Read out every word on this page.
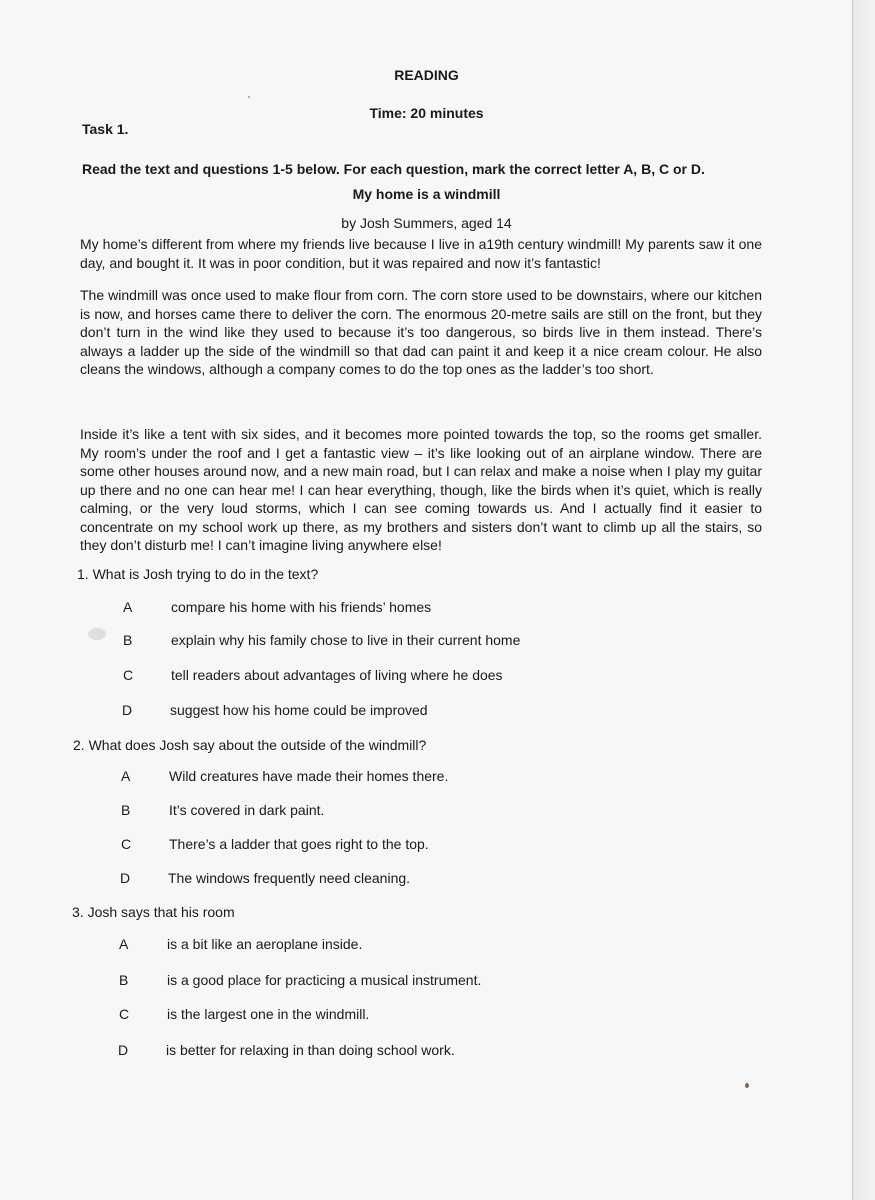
READING
Time: 20 minutes
Task 1.
Read the text and questions 1-5 below. For each question, mark the correct letter A, B, C or D.
My home is a windmill
by Josh Summers, aged 14
My home’s different from where my friends live because I live in a19th century windmill! My parents saw it one day, and bought it. It was in poor condition, but it was repaired and now it’s fantastic!
The windmill was once used to make flour from corn. The corn store used to be downstairs, where our kitchen is now, and horses came there to deliver the corn. The enormous 20-metre sails are still on the front, but they don’t turn in the wind like they used to because it’s too dangerous, so birds live in them instead. There’s always a ladder up the side of the windmill so that dad can paint it and keep it a nice cream colour. He also cleans the windows, although a company comes to do the top ones as the ladder’s too short.
Inside it’s like a tent with six sides, and it becomes more pointed towards the top, so the rooms get smaller. My room’s under the roof and I get a fantastic view – it’s like looking out of an airplane window. There are some other houses around now, and a new main road, but I can relax and make a noise when I play my guitar up there and no one can hear me! I can hear everything, though, like the birds when it’s quiet, which is really calming, or the very loud storms, which I can see coming towards us. And I actually find it easier to concentrate on my school work up there, as my brothers and sisters don’t want to climb up all the stairs, so they don’t disturb me! I can’t imagine living anywhere else!
1. What is Josh trying to do in the text?
A	compare his home with his friends’ homes
B	explain why his family chose to live in their current home
C	tell readers about advantages of living where he does
D	suggest how his home could be improved
2. What does Josh say about the outside of the windmill?
A	Wild creatures have made their homes there.
B	It’s covered in dark paint.
C	There’s a ladder that goes right to the top.
D	The windows frequently need cleaning.
3. Josh says that his room
A	is a bit like an aeroplane inside.
B	is a good place for practicing a musical instrument.
C	is the largest one in the windmill.
D	is better for relaxing in than doing school work.
